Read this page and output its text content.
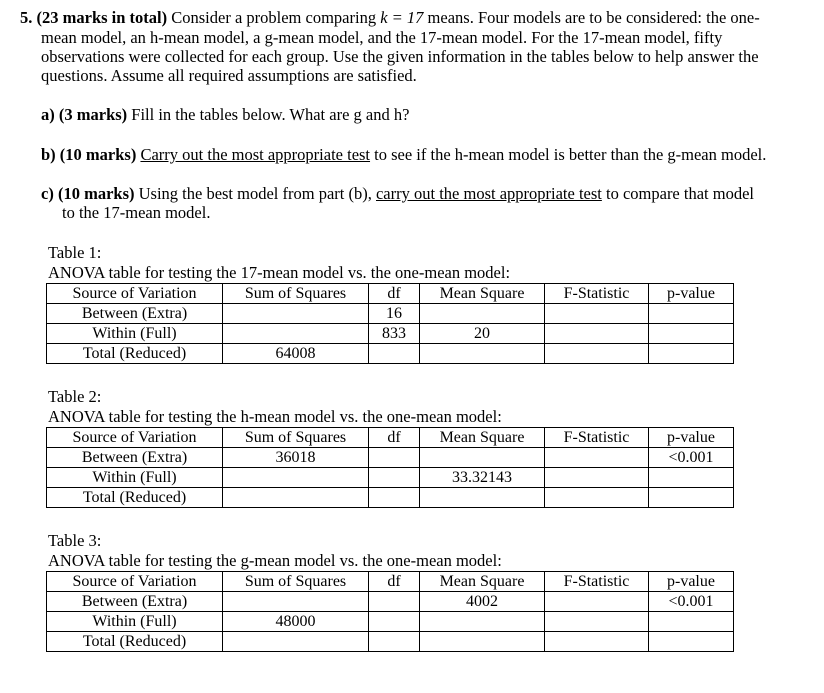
5. (23 marks in total) Consider a problem comparing k = 17 means. Four models are to be considered: the one-
mean model, an h-mean model, a g-mean model, and the 17-mean model. For the 17-mean model, fifty
observations were collected for each group. Use the given information in the tables below to help answer the
questions. Assume all required assumptions are satisfied.
a) (3 marks) Fill in the tables below. What are g and h?
b) (10 marks) Carry out the most appropriate test to see if the h-mean model is better than the g-mean model.
c) (10 marks) Using the best model from part (b), carry out the most appropriate test to compare that model
to the 17-mean model.
Table 1:
ANOVA table for testing the 17-mean model vs. the one-mean model:
Source of Variation	Sum of Squares	df	Mean Square	F-Statistic	p-value
Between (Extra)		16			
Within (Full)		833	20		
Total (Reduced)	64008				
Table 2:
ANOVA table for testing the h-mean model vs. the one-mean model:
Source of Variation	Sum of Squares	df	Mean Square	F-Statistic	p-value
Between (Extra)	36018				<0.001
Within (Full)			33.32143		
Total (Reduced)					
Table 3:
ANOVA table for testing the g-mean model vs. the one-mean model:
Source of Variation	Sum of Squares	df	Mean Square	F-Statistic	p-value
Between (Extra)			4002		<0.001
Within (Full)	48000				
Total (Reduced)					
